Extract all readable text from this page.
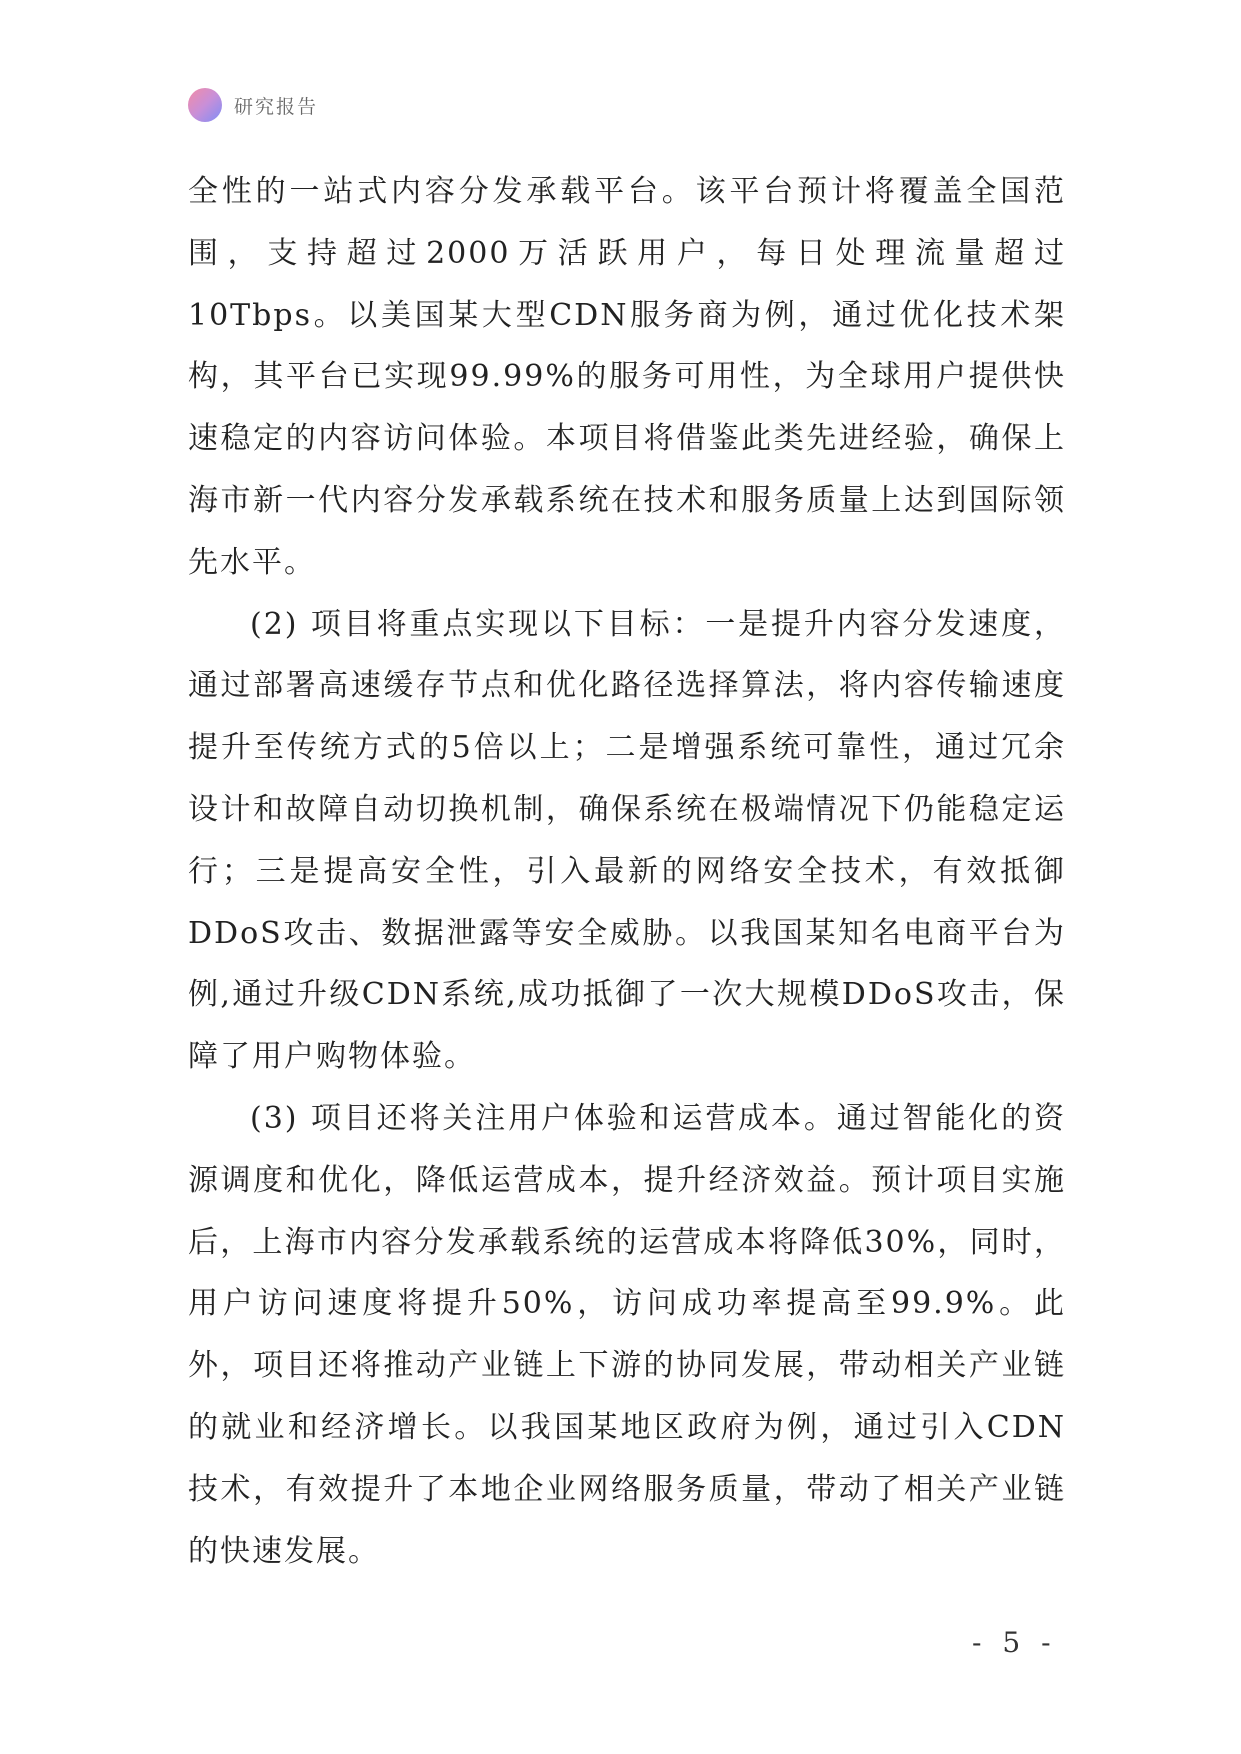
研究报告

全性的一站式内容分发承载平台。该平台预计将覆盖全国范围，支持超过2000万活跃用户，每日处理流量超过10Tbps。以美国某大型CDN服务商为例，通过优化技术架构，其平台已实现99.99%的服务可用性，为全球用户提供快速稳定的内容访问体验。本项目将借鉴此类先进经验，确保上海市新一代内容分发承载系统在技术和服务质量上达到国际领先水平。

(2) 项目将重点实现以下目标：一是提升内容分发速度，通过部署高速缓存节点和优化路径选择算法，将内容传输速度提升至传统方式的5倍以上；二是增强系统可靠性，通过冗余设计和故障自动切换机制，确保系统在极端情况下仍能稳定运行；三是提高安全性，引入最新的网络安全技术，有效抵御DDoS攻击、数据泄露等安全威胁。以我国某知名电商平台为例,通过升级CDN系统,成功抵御了一次大规模DDoS攻击，保障了用户购物体验。

(3) 项目还将关注用户体验和运营成本。通过智能化的资源调度和优化，降低运营成本，提升经济效益。预计项目实施后，上海市内容分发承载系统的运营成本将降低30%，同时，用户访问速度将提升50%，访问成功率提高至99.9%。此外，项目还将推动产业链上下游的协同发展，带动相关产业链的就业和经济增长。以我国某地区政府为例，通过引入CDN技术，有效提升了本地企业网络服务质量，带动了相关产业链的快速发展。

- 5 -
